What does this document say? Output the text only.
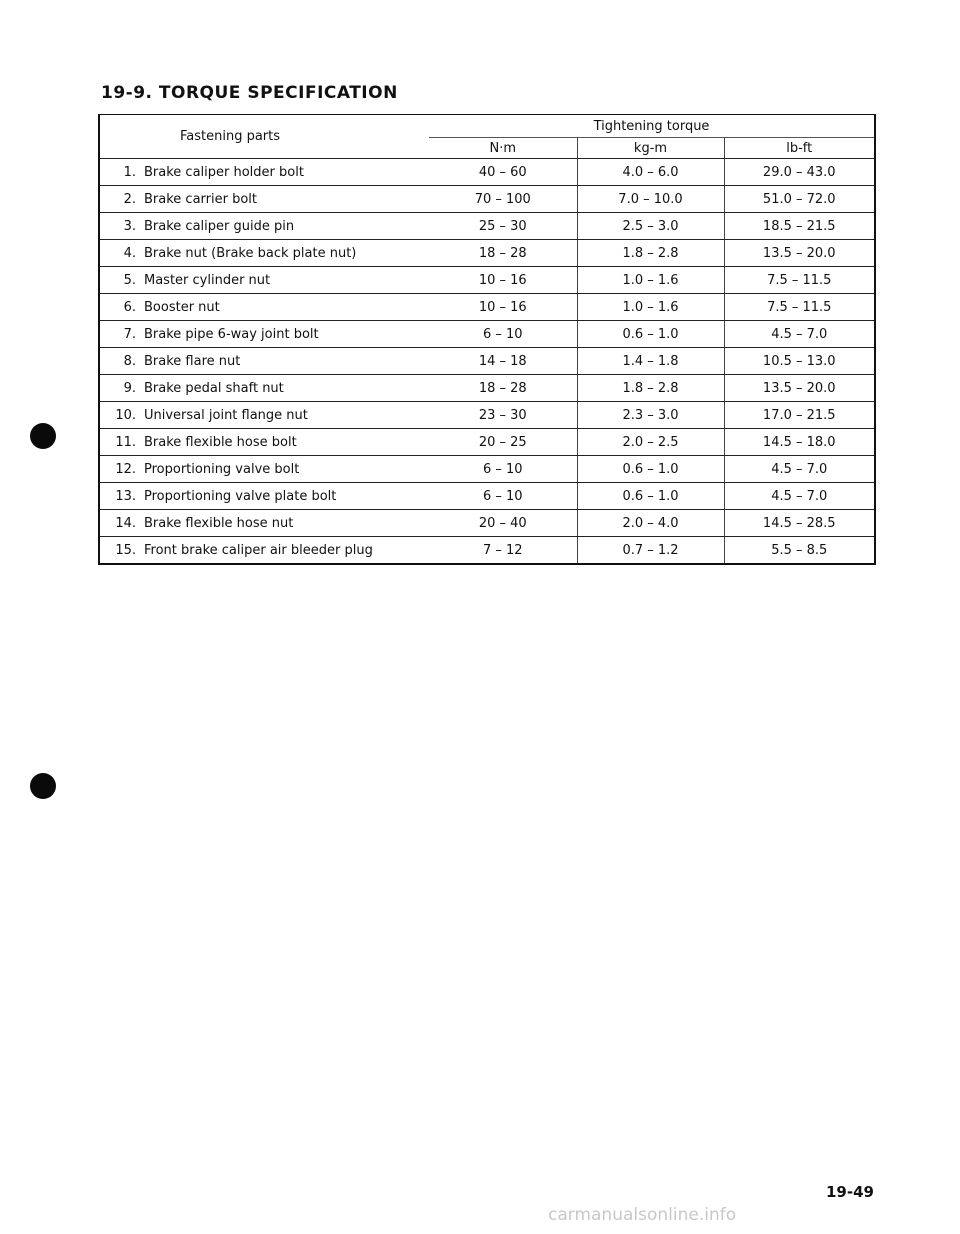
19-9. TORQUE SPECIFICATION
Fastening parts	Tightening torque		
	N·m	kg-m	lb-ft
1. Brake caliper holder bolt	40 – 60	4.0 – 6.0	29.0 – 43.0
2. Brake carrier bolt	70 – 100	7.0 – 10.0	51.0 – 72.0
3. Brake caliper guide pin	25 – 30	2.5 – 3.0	18.5 – 21.5
4. Brake nut (Brake back plate nut)	18 – 28	1.8 – 2.8	13.5 – 20.0
5. Master cylinder nut	10 – 16	1.0 – 1.6	7.5 – 11.5
6. Booster nut	10 – 16	1.0 – 1.6	7.5 – 11.5
7. Brake pipe 6-way joint bolt	6 – 10	0.6 – 1.0	4.5 – 7.0
8. Brake flare nut	14 – 18	1.4 – 1.8	10.5 – 13.0
9. Brake pedal shaft nut	18 – 28	1.8 – 2.8	13.5 – 20.0
10. Universal joint flange nut	23 – 30	2.3 – 3.0	17.0 – 21.5
11. Brake flexible hose bolt	20 – 25	2.0 – 2.5	14.5 – 18.0
12. Proportioning valve bolt	6 – 10	0.6 – 1.0	4.5 – 7.0
13. Proportioning valve plate bolt	6 – 10	0.6 – 1.0	4.5 – 7.0
14. Brake flexible hose nut	20 – 40	2.0 – 4.0	14.5 – 28.5
15. Front brake caliper air bleeder plug	7 – 12	0.7 – 1.2	5.5 – 8.5
19-49
carmanualsonline.info
